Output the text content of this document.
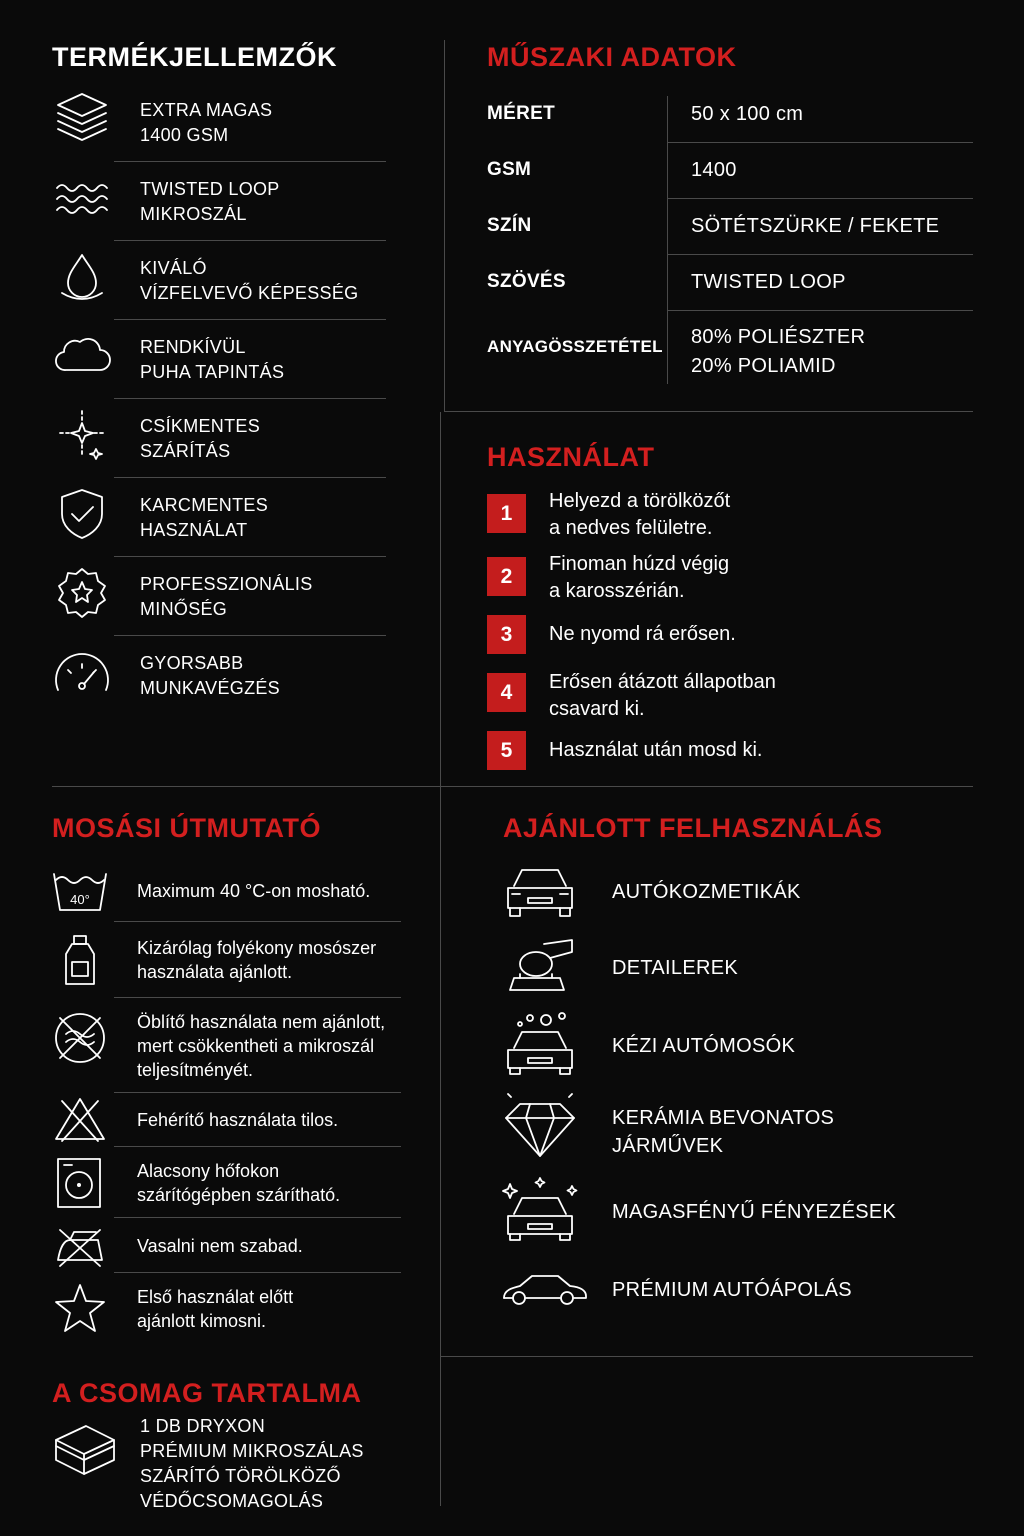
TERMÉKJELLEMZŐK
EXTRA MAGAS
1400 GSM
TWISTED LOOP
MIKROSZÁL
KIVÁLÓ
VÍZFELVEVŐ KÉPESSÉG
RENDKÍVÜL
PUHA TAPINTÁS
CSÍKMENTES
SZÁRÍTÁS
KARCMENTES
HASZNÁLAT
PROFESSZIONÁLIS
MINŐSÉG
GYORSABB
MUNKAVÉGZÉS
MŰSZAKI ADATOK
MÉRET	50 x 100 cm
GSM	1400
SZÍN	SÖTÉTSZÜRKE / FEKETE
SZÖVÉS	TWISTED LOOP
ANYAGÖSSZETÉTEL 80% POLIÉSZTER
20% POLIAMID
HASZNÁLAT
1
Helyezd a törölközőt
a nedves felületre.
2
Finoman húzd végig
a karosszérián.
3	Ne nyomd rá erősen.
4	Erősen átázott állapotban
csavard ki.
5	Használat után mosd ki.
MOSÁSI ÚTMUTATÓ
40°	Maximum 40 °C-on mosható.
Kizárólag folyékony mosószer
használata ajánlott.
Öblítő használata nem ajánlott,
mert csökkentheti a mikroszál
teljesítményét.
Fehérítő használata tilos.
Alacsony hőfokon
szárítógépben szárítható.
Vasalni nem szabad.
Első használat előtt
ajánlott kimosni.
AJÁNLOTT FELHASZNÁLÁS
AUTÓKOZMETIKÁK
DETAILEREK
KÉZI AUTÓMOSÓK
KERÁMIA BEVONATOS
JÁRMŰVEK
MAGASFÉNYŰ FÉNYEZÉSEK
PRÉMIUM AUTÓÁPOLÁS
A CSOMAG TARTALMA
1 DB DRYXON
PRÉMIUM MIKROSZÁLAS
SZÁRÍTÓ TÖRÖLKÖZŐ
VÉDŐCSOMAGOLÁS
